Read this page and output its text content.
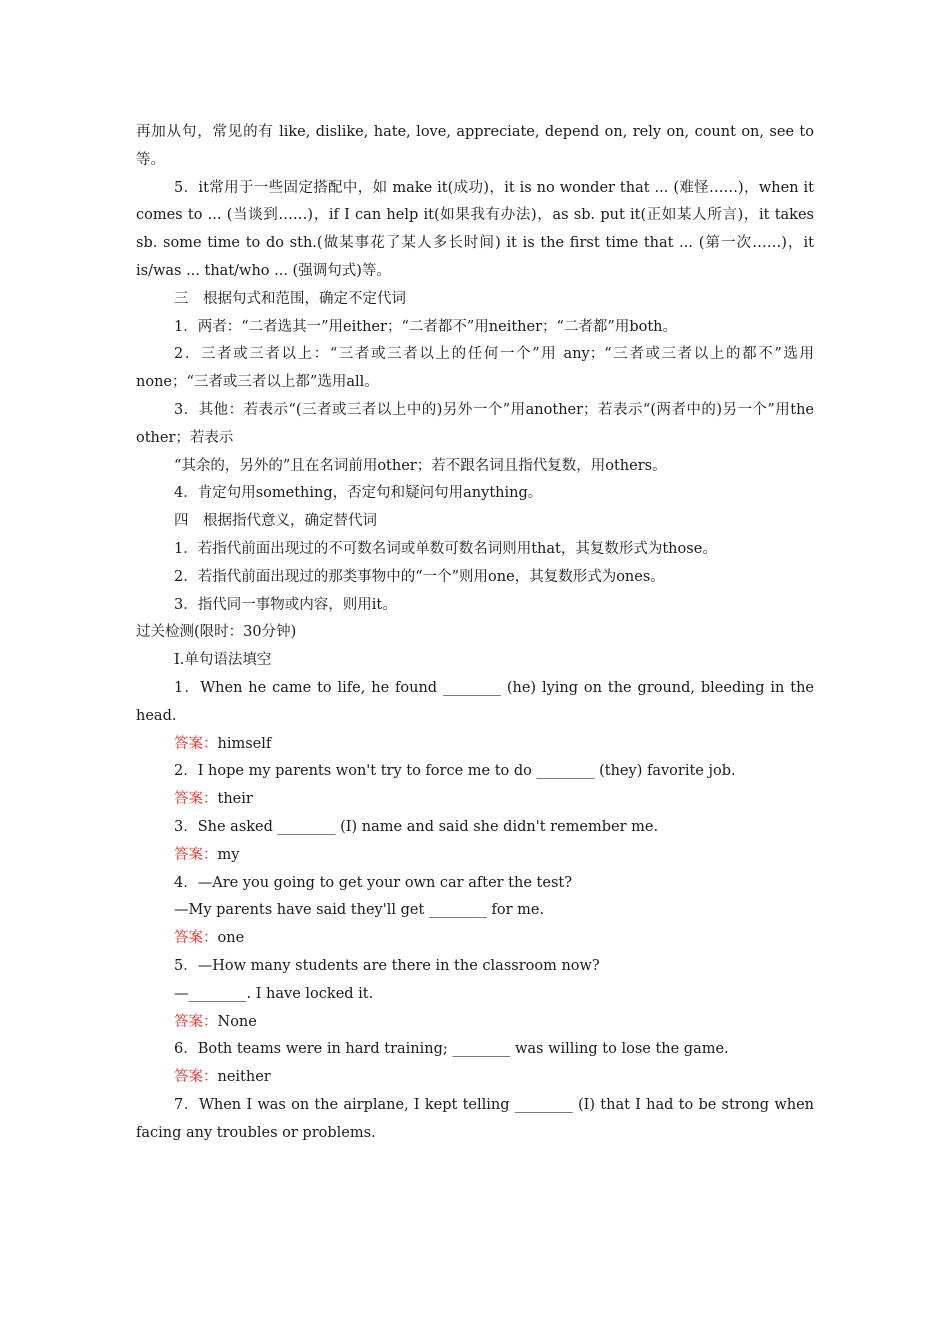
再加从句，常见的有 like, dislike, hate, love, appreciate, depend on, rely on, count on, see to等。
5．it常用于一些固定搭配中，如 make it(成功)，it is no wonder that ... (难怪……)，when it comes to ... (当谈到……)，if I can help it(如果我有办法)，as sb. put it(正如某人所言)，it takes sb. some time to do sth.(做某事花了某人多长时间) it is the first time that ... (第一次……)，it is/was ... that/who ... (强调句式)等。
三　根据句式和范围，确定不定代词
1．两者：“二者选其一”用either；“二者都不”用neither；“二者都”用both。
2．三者或三者以上：“三者或三者以上的任何一个”用 any；“三者或三者以上的都不”选用none；“三者或三者以上都”选用all。
3．其他：若表示“(三者或三者以上中的)另外一个”用another；若表示“(两者中的)另一个”用the other；若表示
“其余的，另外的”且在名词前用other；若不跟名词且指代复数，用others。
4．肯定句用something，否定句和疑问句用anything。
四　根据指代意义，确定替代词
1．若指代前面出现过的不可数名词或单数可数名词则用that，其复数形式为those。
2．若指代前面出现过的那类事物中的“一个”则用one，其复数形式为ones。
3．指代同一事物或内容，则用it。
过关检测(限时：30分钟)
Ⅰ.单句语法填空
1．When he came to life, he found ________ (he) lying on the ground, bleeding in the head.
答案：himself
2．I hope my parents won't try to force me to do ________ (they) favorite job.
答案：their
3．She asked ________ (I) name and said she didn't remember me.
答案：my
4．—Are you going to get your own car after the test?
—My parents have said they'll get ________ for me.
答案：one
5．—How many students are there in the classroom now?
—________. I have locked it.
答案：None
6．Both teams were in hard training; ________ was willing to lose the game.
答案：neither
7．When I was on the airplane, I kept telling ________ (I) that I had to be strong when facing any troubles or problems.
